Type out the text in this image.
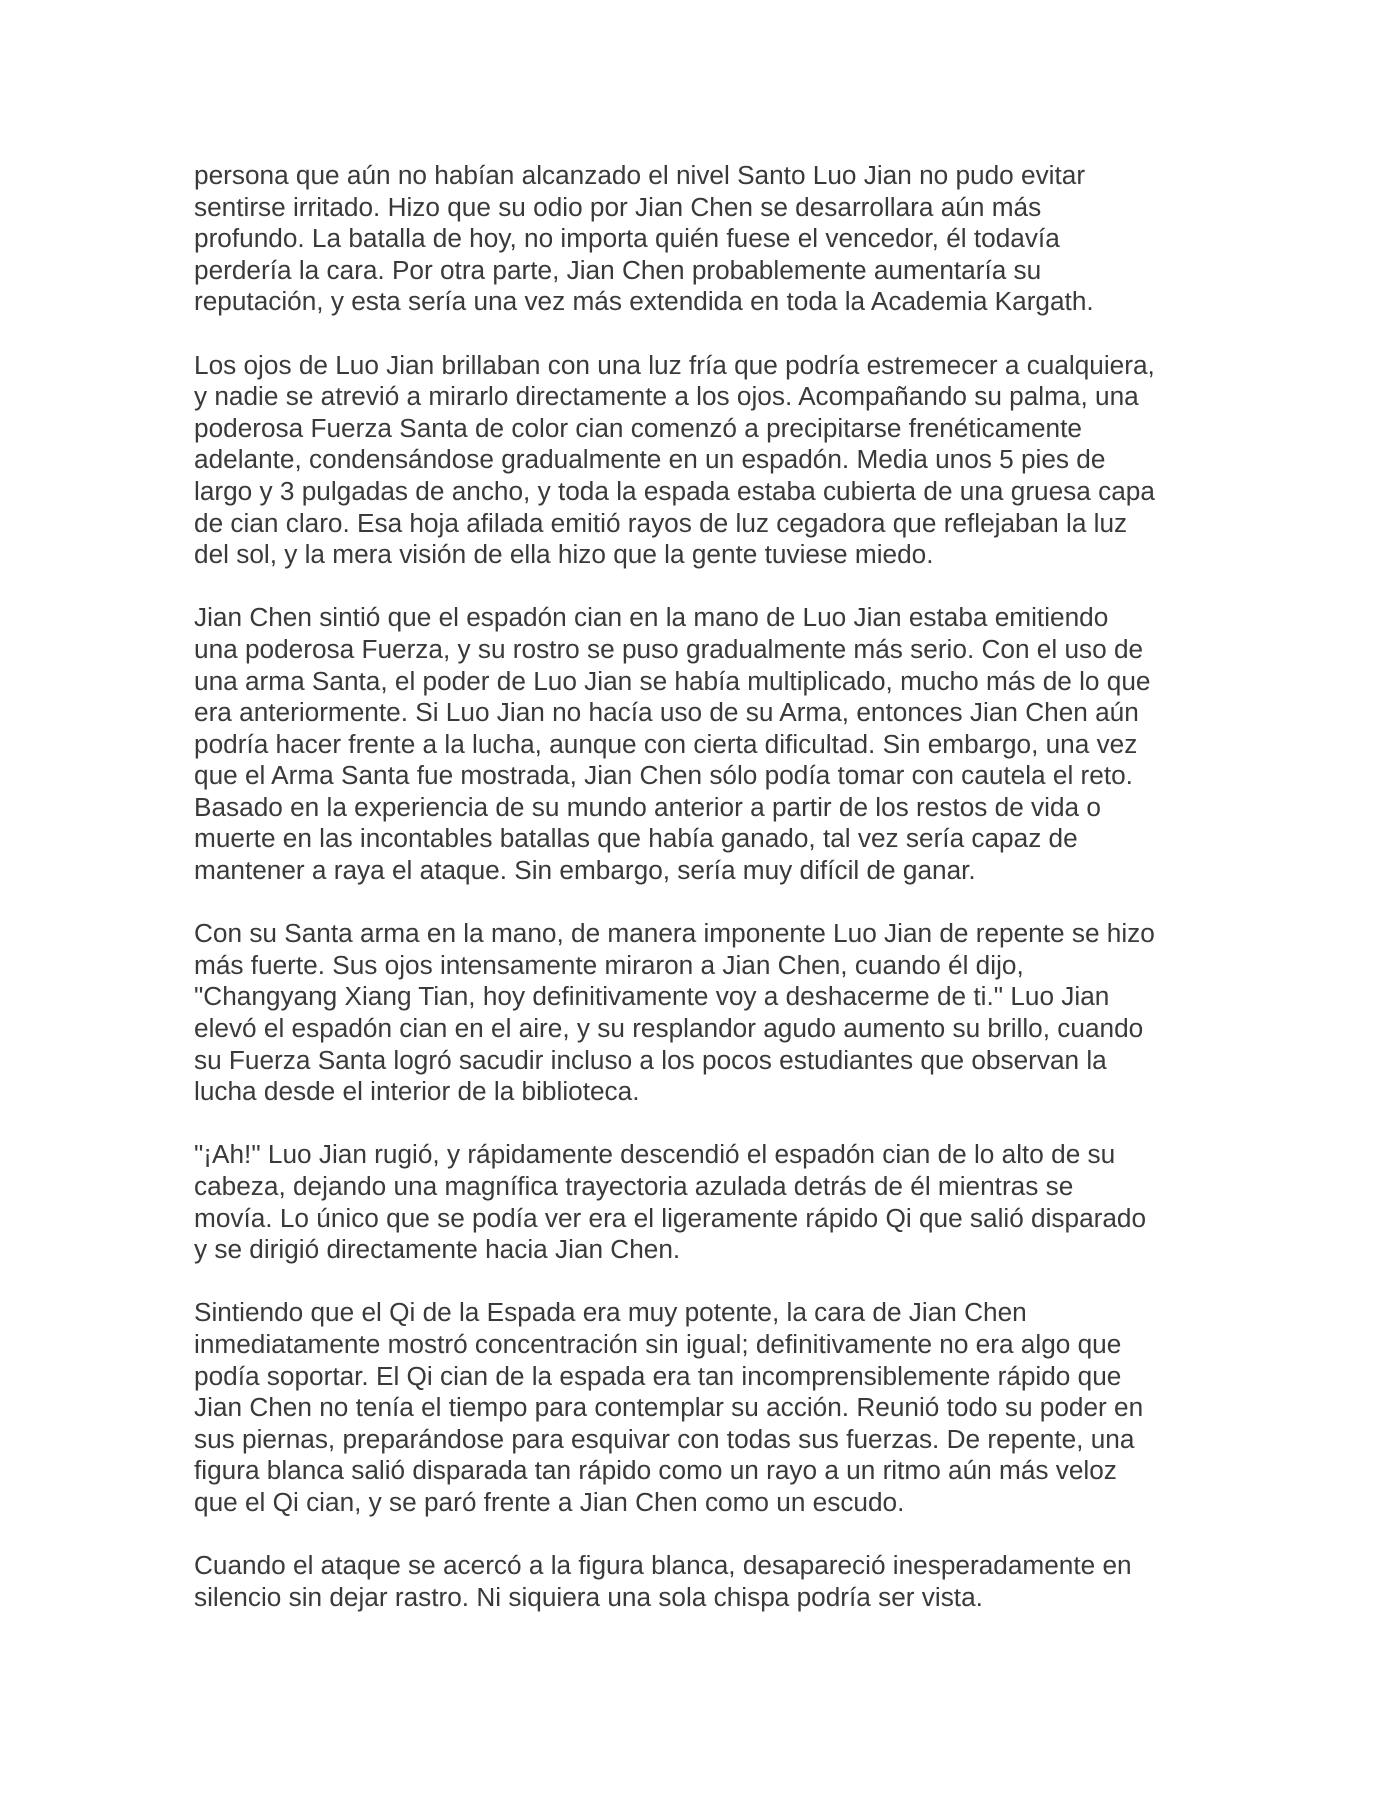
persona que aún no habían alcanzado el nivel Santo Luo Jian no pudo evitar
sentirse irritado. Hizo que su odio por Jian Chen se desarrollara aún más
profundo. La batalla de hoy, no importa quién fuese el vencedor, él todavía
perdería la cara. Por otra parte, Jian Chen probablemente aumentaría su
reputación, y esta sería una vez más extendida en toda la Academia Kargath.

Los ojos de Luo Jian brillaban con una luz fría que podría estremecer a cualquiera,
y nadie se atrevió a mirarlo directamente a los ojos. Acompañando su palma, una
poderosa Fuerza Santa de color cian comenzó a precipitarse frenéticamente
adelante, condensándose gradualmente en un espadón. Media unos 5 pies de
largo y 3 pulgadas de ancho, y toda la espada estaba cubierta de una gruesa capa
de cian claro. Esa hoja afilada emitió rayos de luz cegadora que reflejaban la luz
del sol, y la mera visión de ella hizo que la gente tuviese miedo.

Jian Chen sintió que el espadón cian en la mano de Luo Jian estaba emitiendo
una poderosa Fuerza, y su rostro se puso gradualmente más serio. Con el uso de
una arma Santa, el poder de Luo Jian se había multiplicado, mucho más de lo que
era anteriormente. Si Luo Jian no hacía uso de su Arma, entonces Jian Chen aún
podría hacer frente a la lucha, aunque con cierta dificultad. Sin embargo, una vez
que el Arma Santa fue mostrada, Jian Chen sólo podía tomar con cautela el reto.
Basado en la experiencia de su mundo anterior a partir de los restos de vida o
muerte en las incontables batallas que había ganado, tal vez sería capaz de
mantener a raya el ataque. Sin embargo, sería muy difícil de ganar.

Con su Santa arma en la mano, de manera imponente Luo Jian de repente se hizo
más fuerte. Sus ojos intensamente miraron a Jian Chen, cuando él dijo,
"Changyang Xiang Tian, hoy definitivamente voy a deshacerme de ti." Luo Jian
elevó el espadón cian en el aire, y su resplandor agudo aumento su brillo, cuando
su Fuerza Santa logró sacudir incluso a los pocos estudiantes que observan la
lucha desde el interior de la biblioteca.

"¡Ah!" Luo Jian rugió, y rápidamente descendió el espadón cian de lo alto de su
cabeza, dejando una magnífica trayectoria azulada detrás de él mientras se
movía. Lo único que se podía ver era el ligeramente rápido Qi que salió disparado
y se dirigió directamente hacia Jian Chen.

Sintiendo que el Qi de la Espada era muy potente, la cara de Jian Chen
inmediatamente mostró concentración sin igual; definitivamente no era algo que
podía soportar. El Qi cian de la espada era tan incomprensiblemente rápido que
Jian Chen no tenía el tiempo para contemplar su acción. Reunió todo su poder en
sus piernas, preparándose para esquivar con todas sus fuerzas. De repente, una
figura blanca salió disparada tan rápido como un rayo a un ritmo aún más veloz
que el Qi cian, y se paró frente a Jian Chen como un escudo.

Cuando el ataque se acercó a la figura blanca, desapareció inesperadamente en
silencio sin dejar rastro. Ni siquiera una sola chispa podría ser vista.
